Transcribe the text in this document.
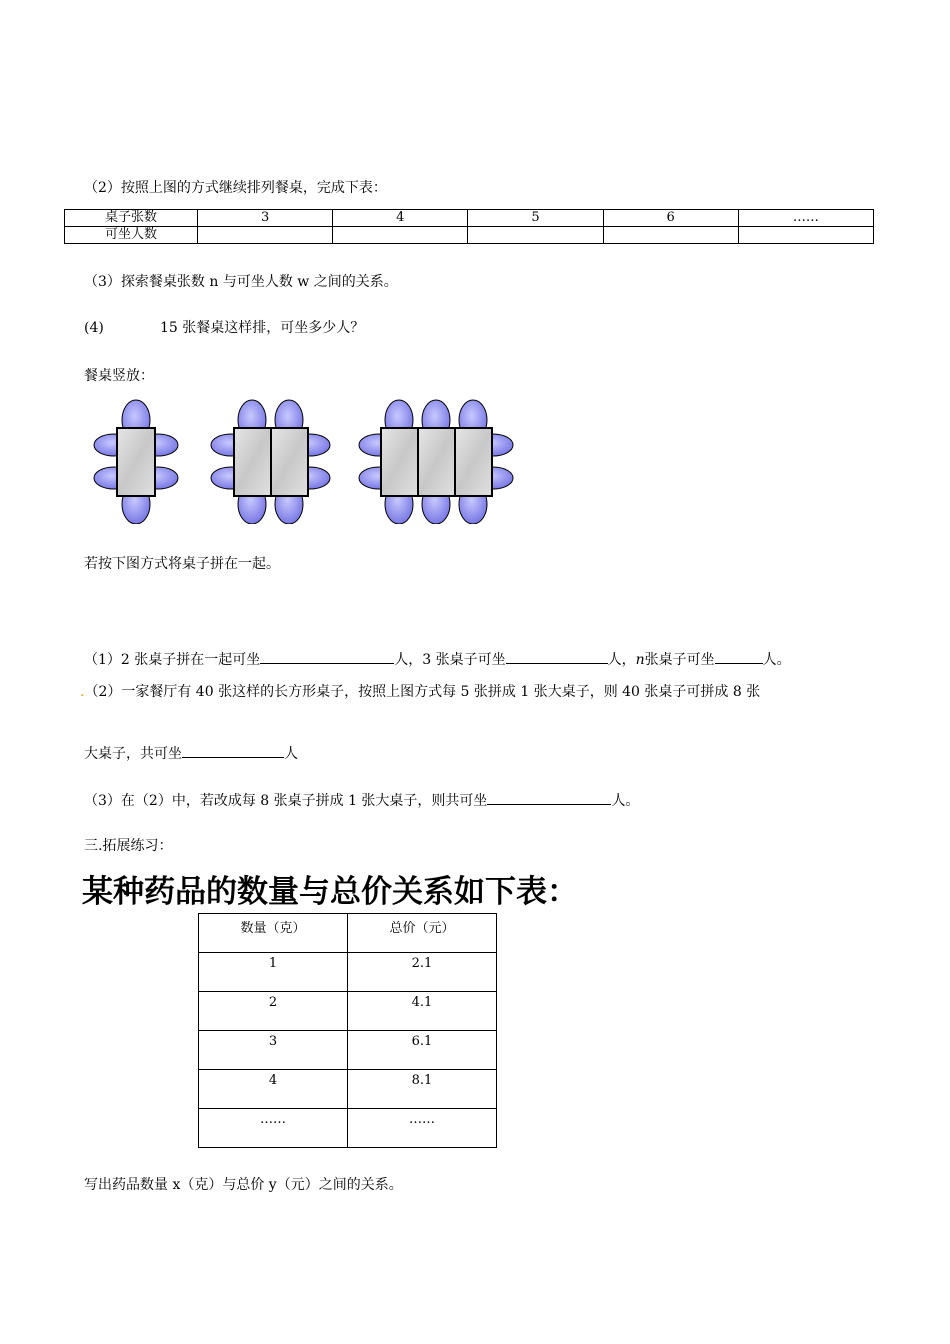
（2）按照上图的方式继续排列餐桌，完成下表：
桌子张数	3	4	5	6	……
可坐人数					
（3）探索餐桌张数 n 与可坐人数 w 之间的关系。
(4)	15 张餐桌这样排，可坐多少人？
餐桌竖放：
若按下图方式将桌子拼在一起。
（1）2 张桌子拼在一起可坐	人，3 张桌子可坐	人，n张桌子可坐	人。
.（2）一家餐厅有 40 张这样的长方形桌子，按照上图方式每 5 张拼成 1 张大桌子，则 40 张桌子可拼成 8 张
大桌子，共可坐	人
（3）在（2）中，若改成每 8 张桌子拼成 1 张大桌子，则共可坐	人。
三.拓展练习：
某种药品的数量与总价关系如下表：
数量（克）	总价（元）
1	2.1
2	4.1
3	6.1
4	8.1
……	……
写出药品数量 x（克）与总价 y（元）之间的关系。
